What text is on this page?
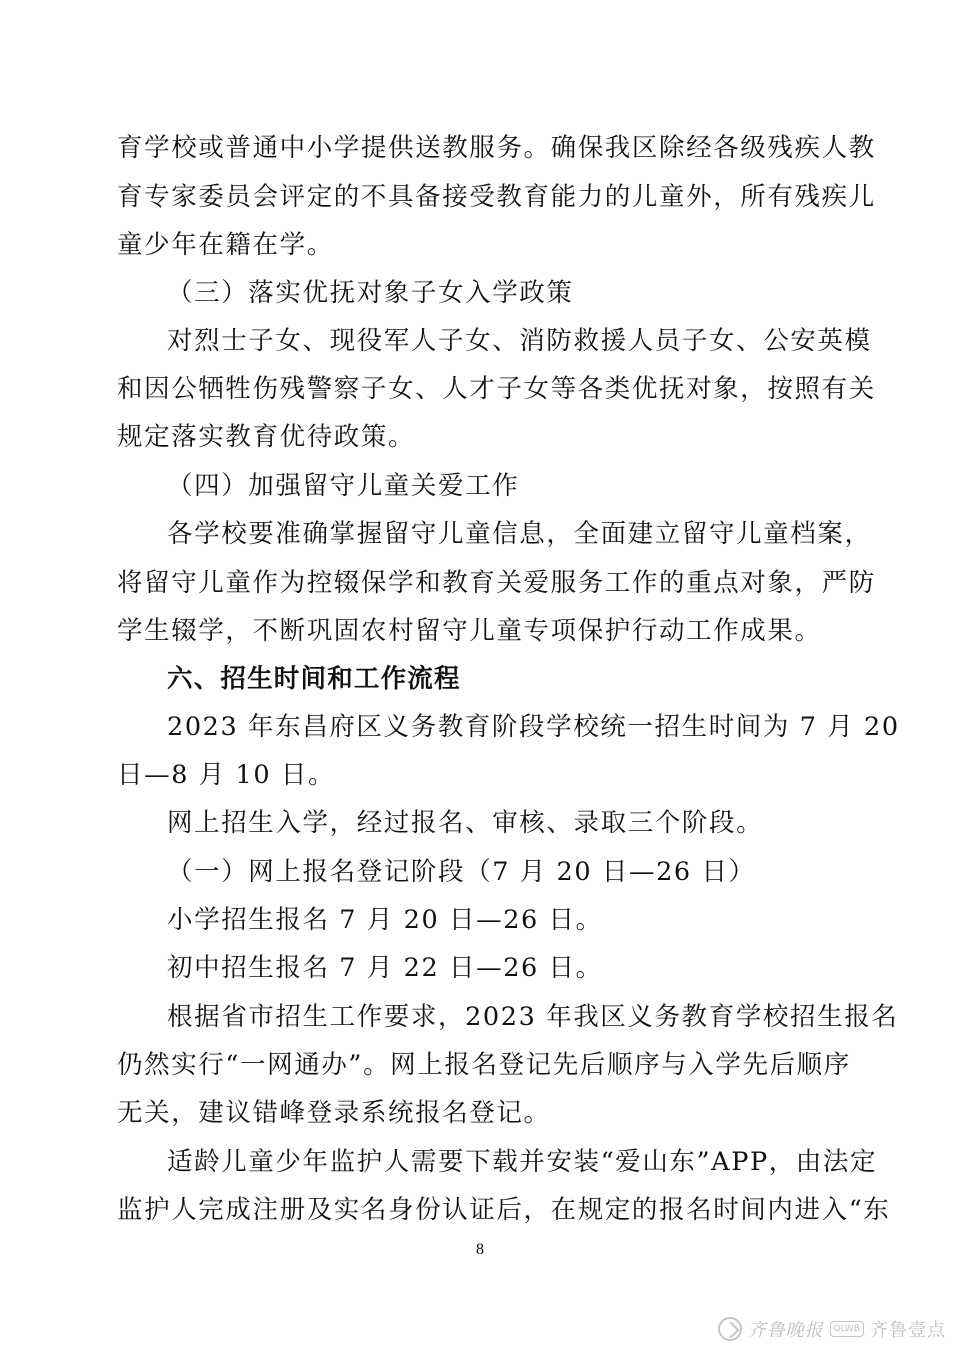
育学校或普通中小学提供送教服务。确保我区除经各级残疾人教
育专家委员会评定的不具备接受教育能力的儿童外，所有残疾儿
童少年在籍在学。
（三）落实优抚对象子女入学政策
对烈士子女、现役军人子女、消防救援人员子女、公安英模
和因公牺牲伤残警察子女、人才子女等各类优抚对象，按照有关
规定落实教育优待政策。
（四）加强留守儿童关爱工作
各学校要准确掌握留守儿童信息，全面建立留守儿童档案，
将留守儿童作为控辍保学和教育关爱服务工作的重点对象，严防
学生辍学，不断巩固农村留守儿童专项保护行动工作成果。
六、招生时间和工作流程
2023 年东昌府区义务教育阶段学校统一招生时间为 7 月 20
日—8 月 10 日。
网上招生入学，经过报名、审核、录取三个阶段。
（一）网上报名登记阶段（7 月 20 日—26 日）
小学招生报名 7 月 20 日—26 日。
初中招生报名 7 月 22 日—26 日。
根据省市招生工作要求，2023 年我区义务教育学校招生报名
仍然实行“一网通办”。网上报名登记先后顺序与入学先后顺序
无关，建议错峰登录系统报名登记。
适龄儿童少年监护人需要下载并安装“爱山东”APP，由法定
监护人完成注册及实名身份认证后，在规定的报名时间内进入“东
8
齐鲁晚报	QLWB 齐鲁壹点
